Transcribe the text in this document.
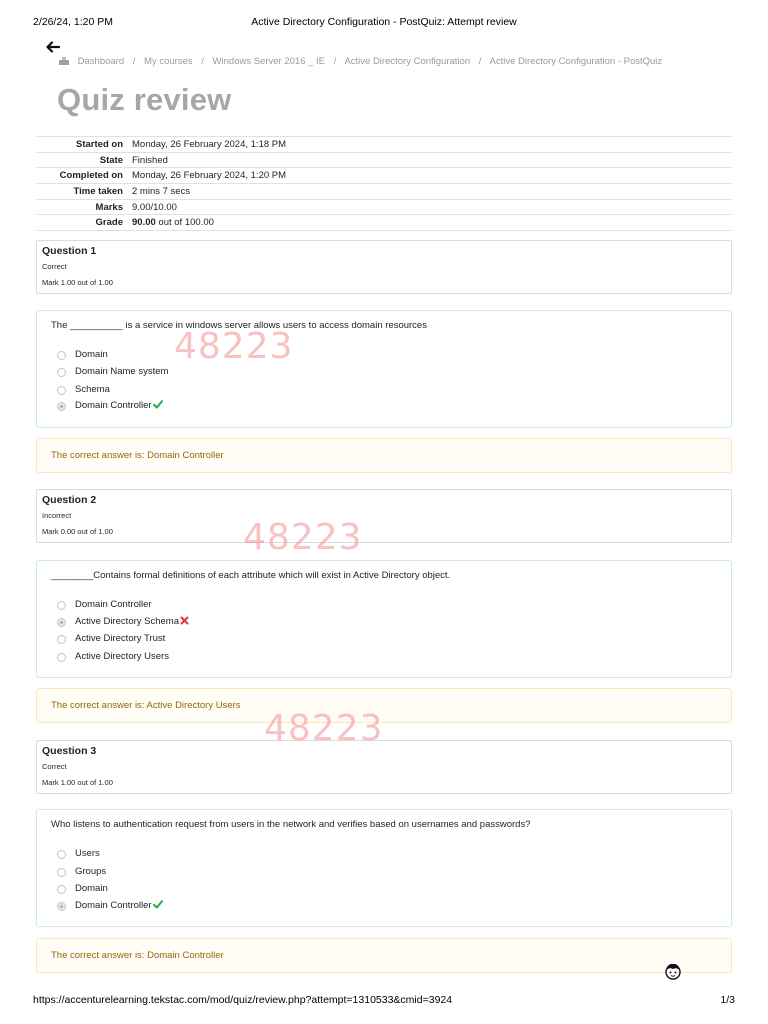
2/26/24, 1:20 PM	Active Directory Configuration - PostQuiz: Attempt review
Dashboard / My courses / Windows Server 2016 _ IE / Active Directory Configuration / Active Directory Configuration - PostQuiz
Quiz review
Started on	Monday, 26 February 2024, 1:18 PM
State	Finished
Completed on	Monday, 26 February 2024, 1:20 PM
Time taken	2 mins 7 secs
Marks	9.00/10.00
Grade	90.00 out of 100.00
Question 1
Correct
Mark 1.00 out of 1.00
The __________ is a service in windows server allows users to access domain resources
Domain
Domain Name system
Schema
Domain Controller
The correct answer is: Domain Controller
Question 2
Incorrect
Mark 0.00 out of 1.00
________Contains formal definitions of each attribute which will exist in Active Directory object.
Domain Controller
Active Directory Schema
Active Directory Trust
Active Directory Users
The correct answer is: Active Directory Users
Question 3
Correct
Mark 1.00 out of 1.00
Who listens to authentication request from users in the network and verifies based on usernames and passwords?
Users
Groups
Domain
Domain Controller
The correct answer is: Domain Controller
48223
48223
48223
https://accenturelearning.tekstac.com/mod/quiz/review.php?attempt=1310533&cmid=3924	1/3
